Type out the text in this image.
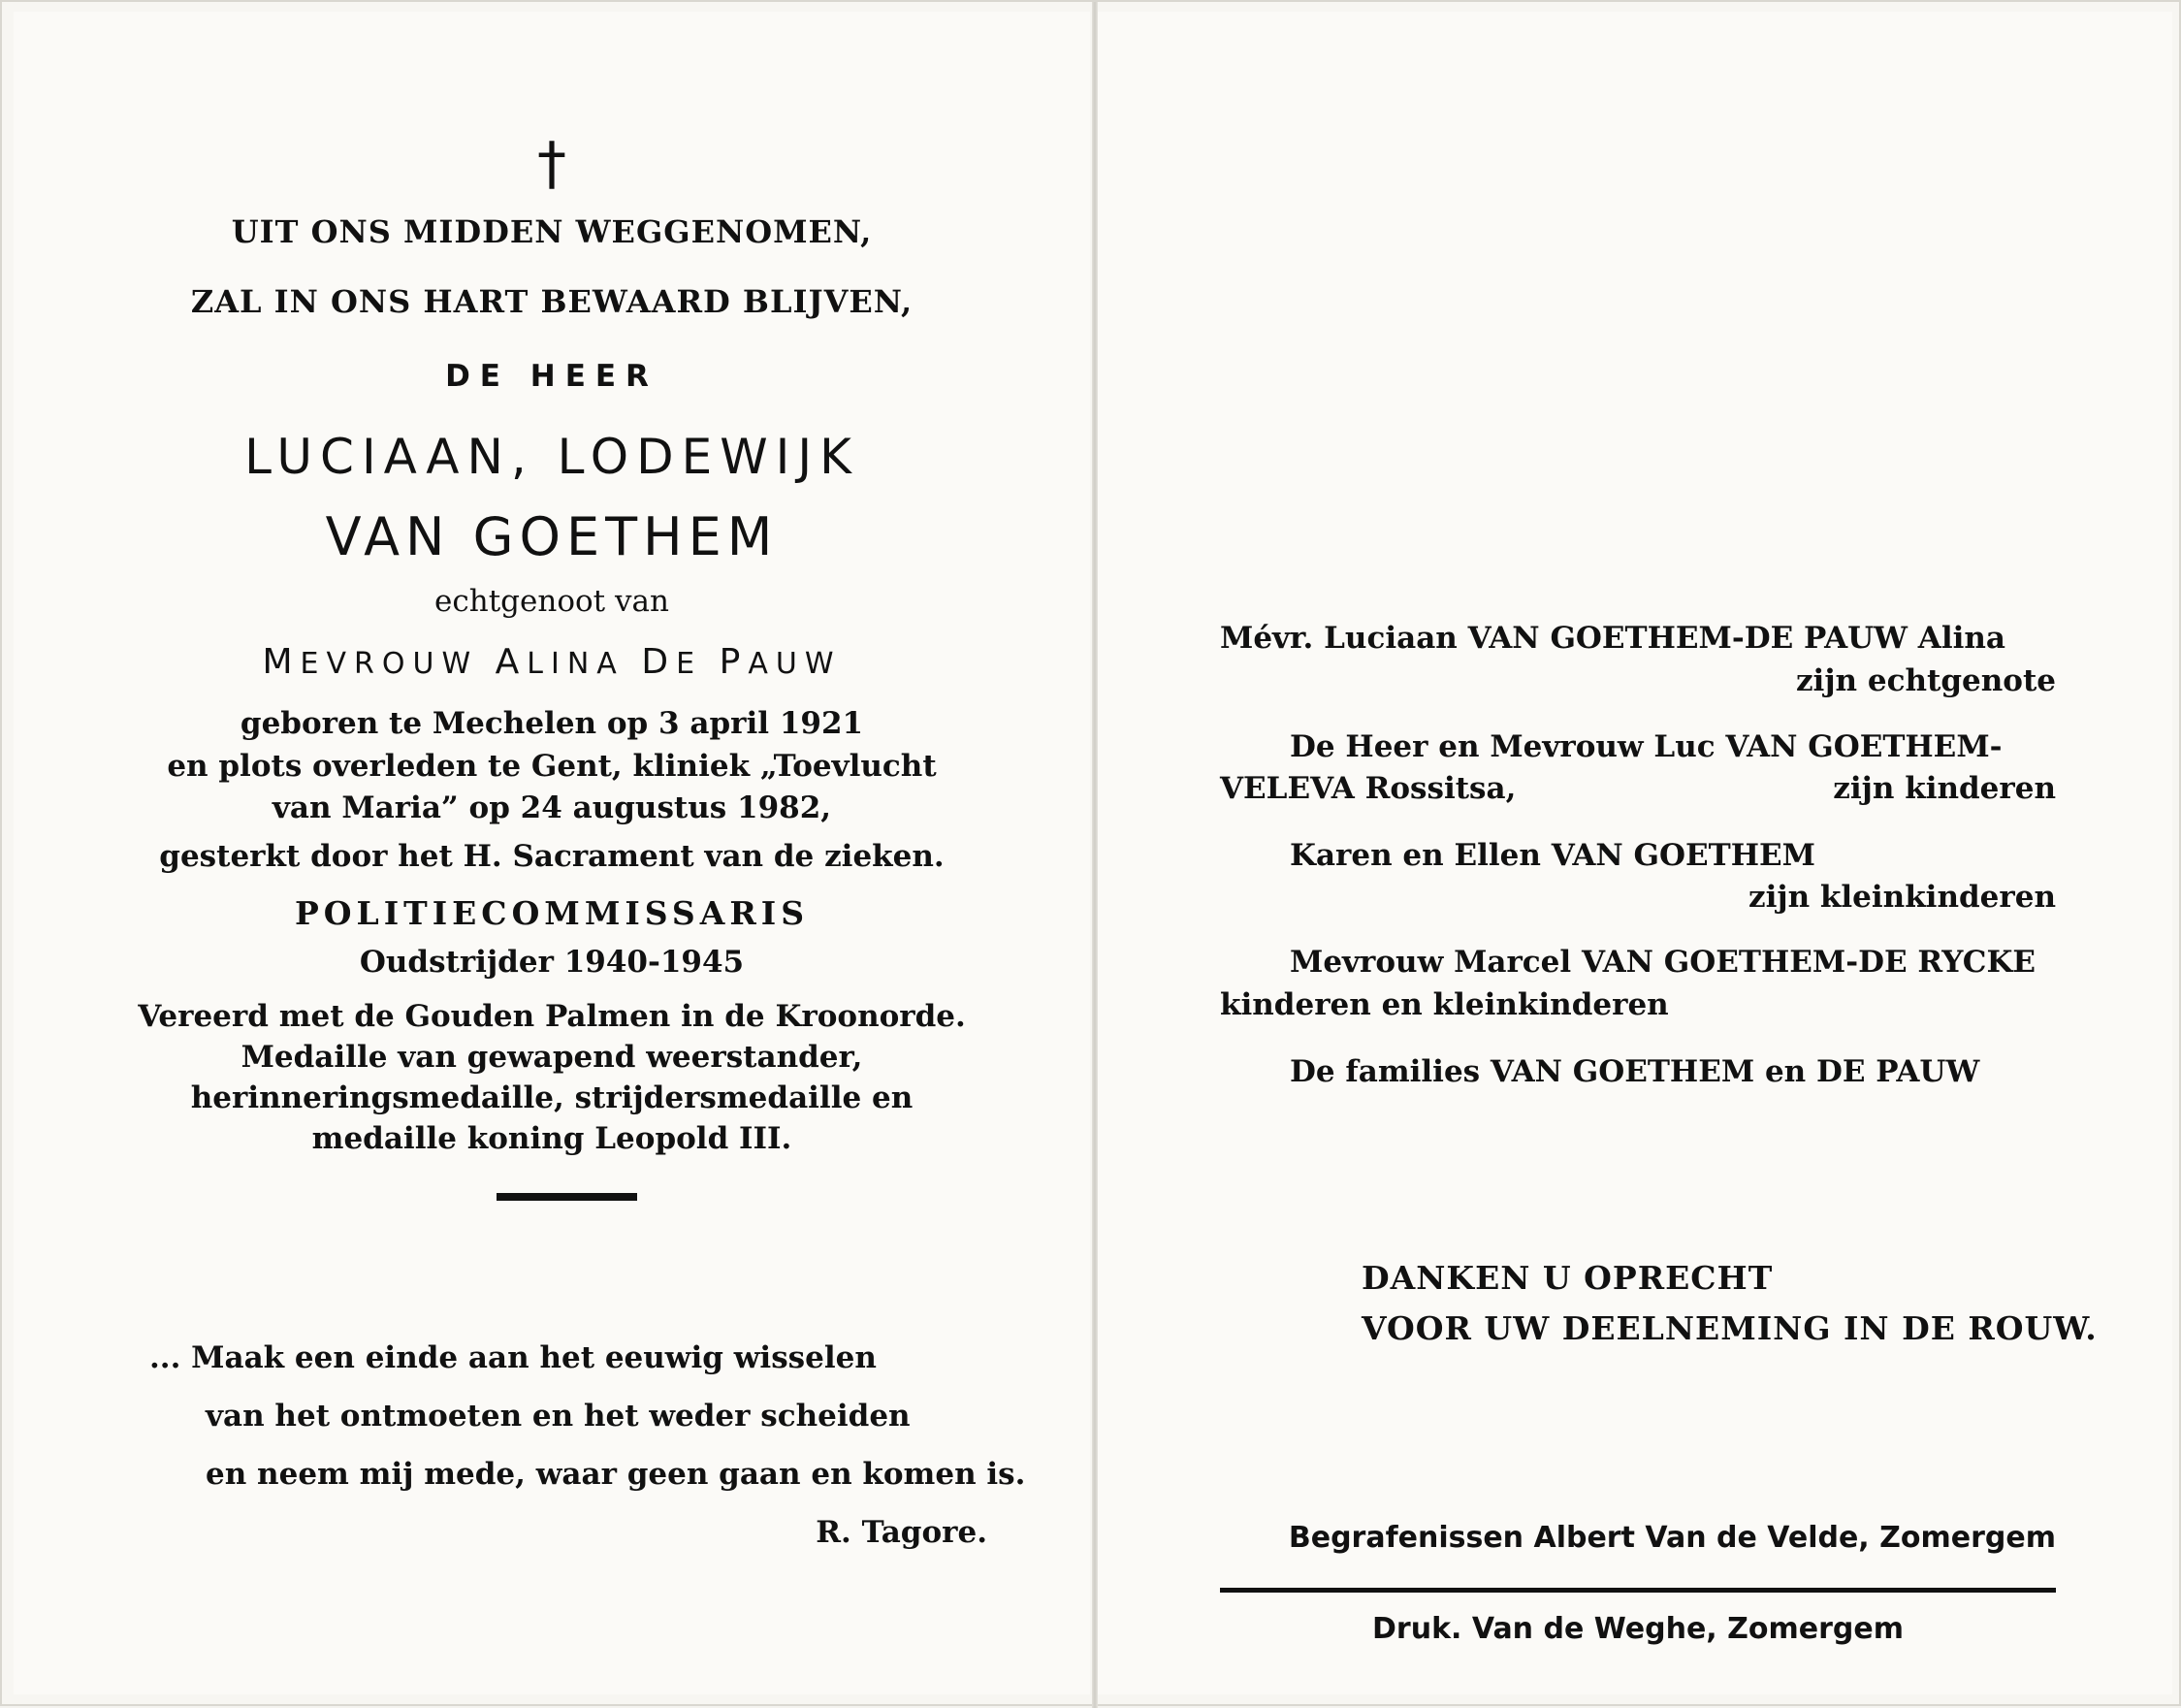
†
UIT ONS MIDDEN WEGGENOMEN,
ZAL IN ONS HART BEWAARD BLIJVEN,
DE HEER
LUCIAAN, LODEWIJK
VAN GOETHEM
echtgenoot van
MEVROUW ALINA DE PAUW
geboren te Mechelen op 3 april 1921
en plots overleden te Gent, kliniek „Toevlucht
van Maria” op 24 augustus 1982,
gesterkt door het H. Sacrament van de zieken.
POLITIECOMMISSARIS
Oudstrijder 1940-1945
Vereerd met de Gouden Palmen in de Kroonorde.
Medaille van gewapend weerstander,
herinneringsmedaille, strijdersmedaille en
medaille koning Leopold III.
... Maak een einde aan het eeuwig wisselen
van het ontmoeten en het weder scheiden
en neem mij mede, waar geen gaan en komen is.
R. Tagore.
Mévr. Luciaan VAN GOETHEM-DE PAUW Alina
zijn echtgenote
De Heer en Mevrouw Luc VAN GOETHEM-
VELEVA Rossitsa,	zijn kinderen
Karen en Ellen VAN GOETHEM
zijn kleinkinderen
Mevrouw Marcel VAN GOETHEM-DE RYCKE
kinderen en kleinkinderen
De families VAN GOETHEM en DE PAUW
DANKEN U OPRECHT
VOOR UW DEELNEMING IN DE ROUW.
Begrafenissen Albert Van de Velde, Zomergem
Druk. Van de Weghe, Zomergem
